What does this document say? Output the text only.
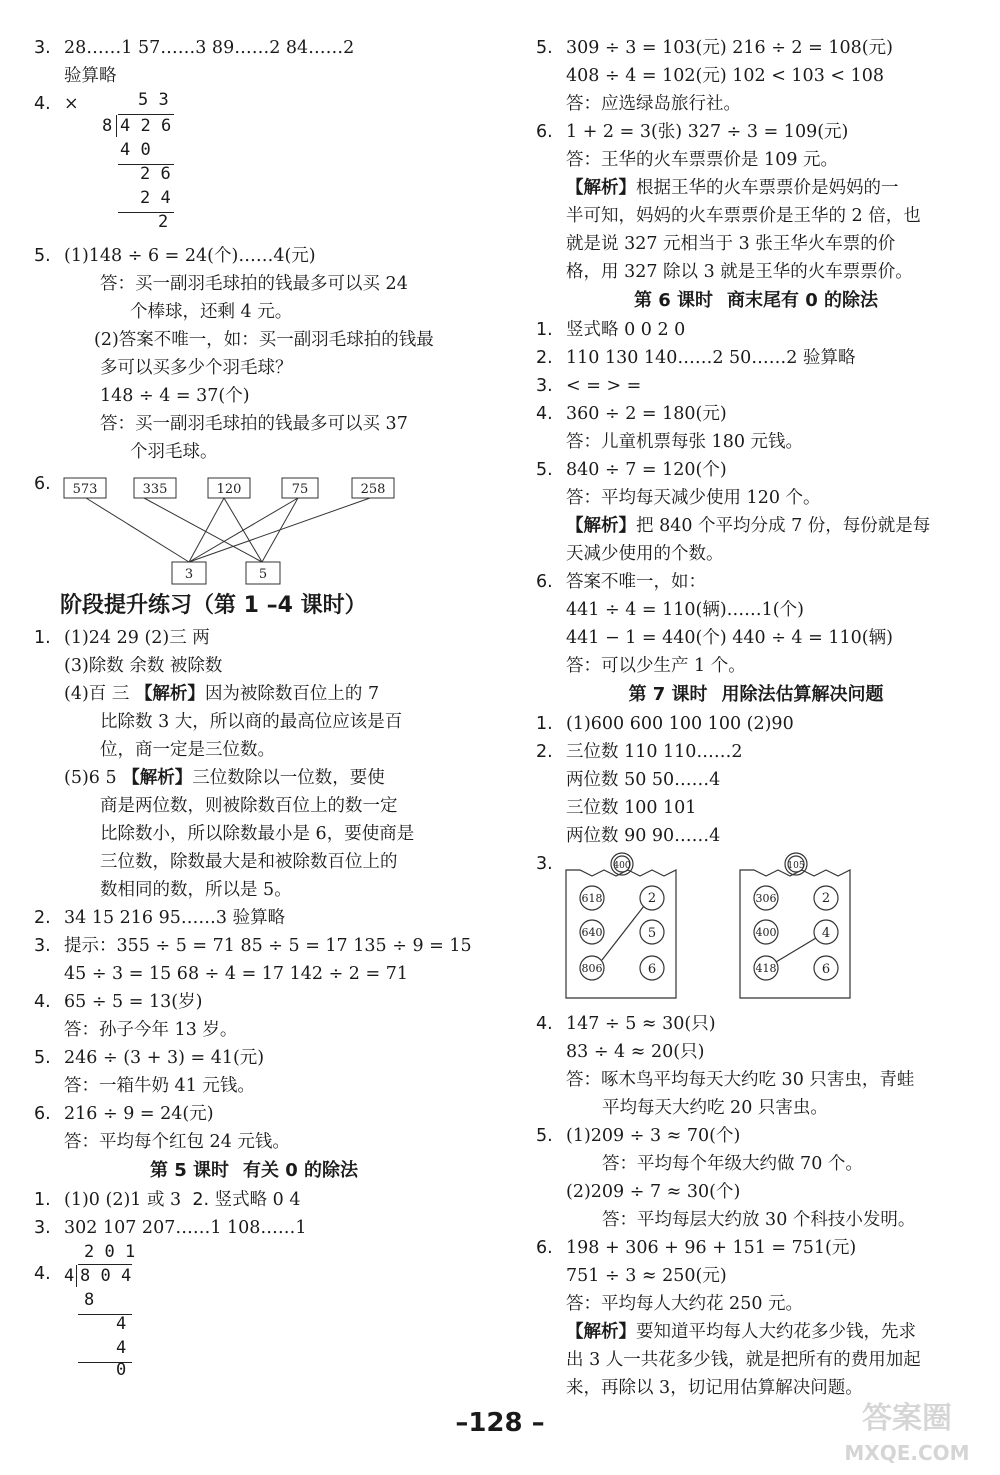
3. 28……1 57……3 89……2 84……2
验算略
4. ×	5 3
8 4 2 6
4 0
2 6
2 4
2
5. (1)148 ÷ 6 = 24(个)……4(元)
答：买一副羽毛球拍的钱最多可以买 24
个棒球，还剩 4 元。
(2)答案不唯一，如：买一副羽毛球拍的钱最
多可以买多少个羽毛球？
148 ÷ 4 = 37(个)
答：买一副羽毛球拍的钱最多可以买 37
个羽毛球。
6. 573	335	120	75	258
3	5
阶段提升练习（第 1 –4 课时）
1. (1)24 29 (2)三 两
(3)除数 余数 被除数
(4)百 三 【解析】因为被除数百位上的 7
比除数 3 大，所以商的最高位应该是百
位，商一定是三位数。
(5)6 5 【解析】三位数除以一位数，要使
商是两位数，则被除数百位上的数一定
比除数小，所以除数最小是 6，要使商是
三位数，除数最大是和被除数百位上的
数相同的数，所以是 5。
2. 34 15 216 95……3 验算略
3. 提示：355 ÷ 5 = 71 85 ÷ 5 = 17 135 ÷ 9 = 15
45 ÷ 3 = 15 68 ÷ 4 = 17 142 ÷ 2 = 71
4. 65 ÷ 5 = 13(岁)
答：孙子今年 13 岁。
5. 246 ÷ (3 + 3) = 41(元)
答：一箱牛奶 41 元钱。
6. 216 ÷ 9 = 24(元)
答：平均每个红包 24 元钱。
第 5 课时 有关 0 的除法
1. (1)0 (2)1 或 3 2. 竖式略 0 4
3. 302 107 207……1 108……1
4.
2 0 1
4 8 0 4
8
4
4
0
5. 309 ÷ 3 = 103(元) 216 ÷ 2 = 108(元)
408 ÷ 4 = 102(元) 102 < 103 < 108
答：应选绿岛旅行社。
6. 1 + 2 = 3(张) 327 ÷ 3 = 109(元)
答：王华的火车票票价是 109 元。
【解析】根据王华的火车票票价是妈妈的一
半可知，妈妈的火车票票价是王华的 2 倍，也
就是说 327 元相当于 3 张王华火车票的价
格，用 327 除以 3 就是王华的火车票票价。
第 6 课时 商末尾有 0 的除法
1. 竖式略 0 0 2 0
2. 110 130 140……2 50……2 验算略
3. < = > =
4. 360 ÷ 2 = 180(元)
答：儿童机票每张 180 元钱。
5. 840 ÷ 7 = 120(个)
答：平均每天减少使用 120 个。
【解析】把 840 个平均分成 7 份，每份就是每
天减少使用的个数。
6. 答案不唯一，如：
441 ÷ 4 = 110(辆)……1(个)
441 − 1 = 440(个) 440 ÷ 4 = 110(辆)
答：可以少生产 1 个。
第 7 课时 用除法估算解决问题
1. (1)600 600 100 100 (2)90
2. 三位数 110 110……2
两位数 50 50……4
三位数 100 101
两位数 90 90……4
3.	400	105
618
640
806
2
5
6
306
400
418
2
4
6
4. 147 ÷ 5 ≈ 30(只)
83 ÷ 4 ≈ 20(只)
答：啄木鸟平均每天大约吃 30 只害虫，青蛙
平均每天大约吃 20 只害虫。
5. (1)209 ÷ 3 ≈ 70(个)
答：平均每个年级大约做 70 个。
(2)209 ÷ 7 ≈ 30(个)
答：平均每层大约放 30 个科技小发明。
6. 198 + 306 + 96 + 151 = 751(元)
751 ÷ 3 ≈ 250(元)
答：平均每人大约花 250 元。
【解析】要知道平均每人大约花多少钱，先求
出 3 人一共花多少钱，就是把所有的费用加起
来，再除以 3，切记用估算解决问题。
–128 –	答案圈
MXQE.COM
